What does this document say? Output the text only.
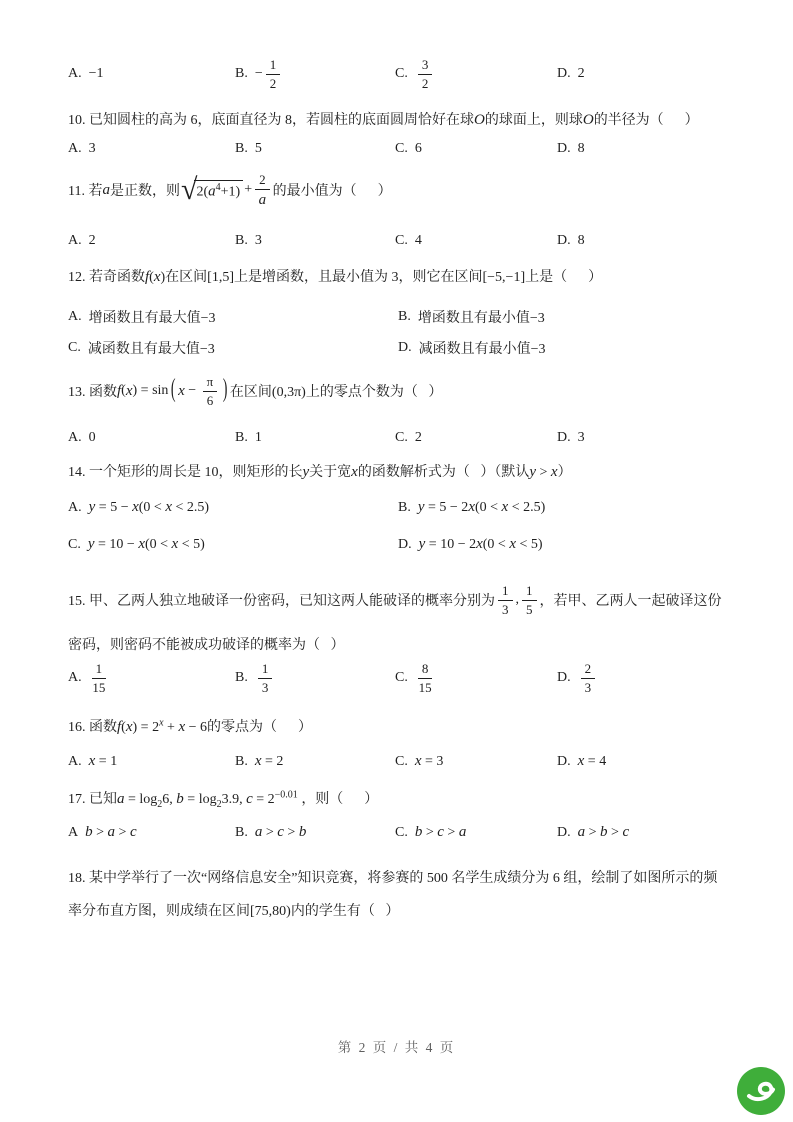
A. −1	B. − $\frac{1}{2}$	C. $\frac{3}{2}$	D. 2
10. 已知圆柱的高为 6，底面直径为 8，若圆柱的底面圆周恰好在球O的球面上，则球O的半径为（      ）
A. 3	B. 5	C. 6	D. 8
11. 若 a 是正数，则 √ $2(a^4+1) + \frac{2}{a}$ 的最小值为（      ）
A. 2	B. 3	C. 4	D. 8
12. 若奇函数f(x)在区间[1,5]上是增函数，且最小值为 3，则它在区间[−5,−1]上是（      ）
A. 增函数且有最大值−3	B. 增函数且有最小值−3
C. 减函数且有最大值−3	D. 减函数且有最小值−3
13. 函数 f ( x ) = sin ( $x - \frac{\pi}{6}$ ) 在区间(0,3π)上的零点个数为（   ）
A. 0	B. 1	C. 2	D. 3
14. 一个矩形的周长是 10，则矩形的长y关于宽x的函数解析式为（   ）（默认y > x）
A. y = 5 − x (0 < x < 2.5)	B. y = 5 − 2 x (0 < x < 2.5)
C. y = 10 − x (0 < x < 5)	D. y = 10 − 2 x (0 < x < 5)
15. 甲、乙两人独立地破译一份密码，已知这两人能破译的概率分别为 $\frac{1}{3}$ , $\frac{1}{5}$ ，若甲、乙两人一起破译这份
密码，则密码不能被成功破译的概率为（   ）
A. $\frac{1}{15}$	B. $\frac{1}{3}$	C. $\frac{8}{15}$	D. $\frac{2}{3}$
16. 函数$f(x) = 2^x + x - 6$的零点为（      ）
A. x = 1	B. x = 2	C. x = 3	D. x = 4
17. 已知$a = \log_26$, $b = \log_23.9$, $c = 2^{-0.01}$ ，则（      ）
A b > a > c	B. a > c > b	C. b > c > a	D. a > b > c
18. 某中学举行了一次“网络信息安全”知识竞赛，将参赛的 500 名学生成绩分为 6 组，绘制了如图所示的频
率分布直方图，则成绩在区间[75,80)内的学生有（   ）
第 2 页 / 共 4 页
